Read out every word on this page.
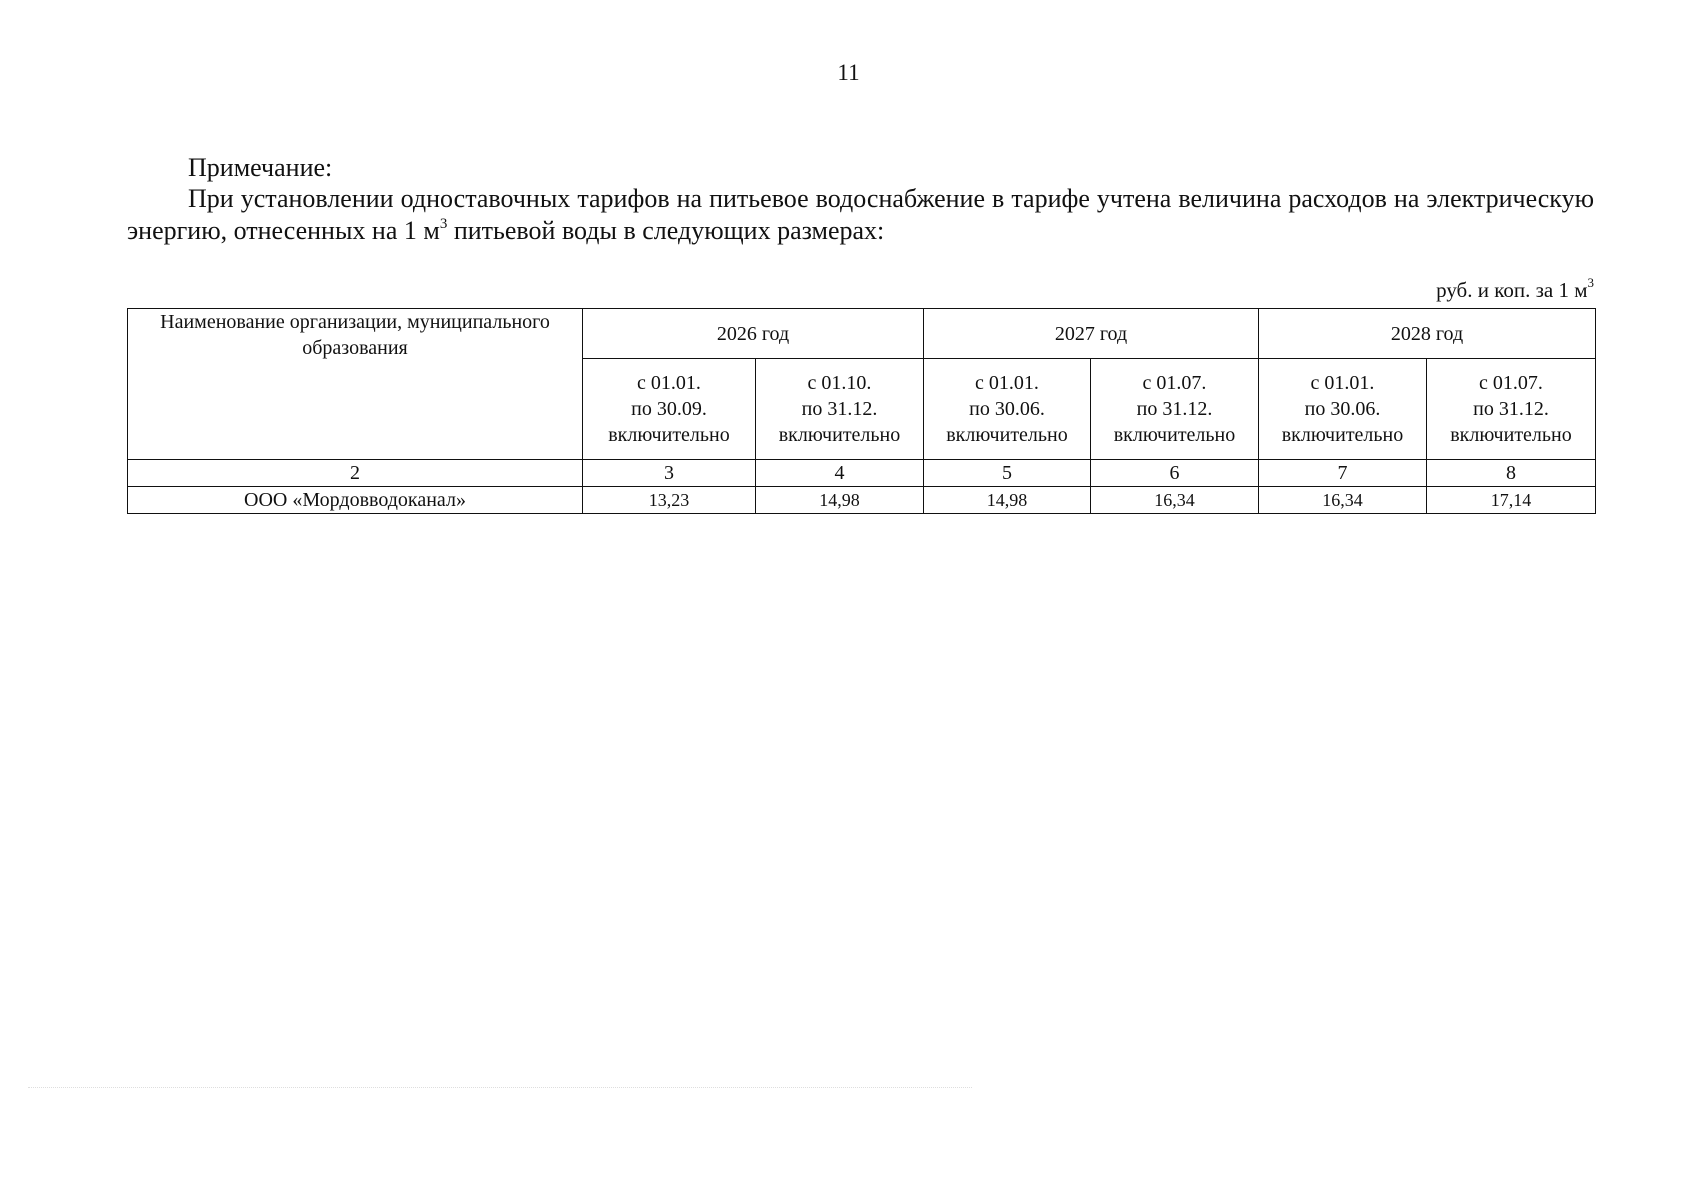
11
Примечание:
При установлении одноставочных тарифов на питьевое водоснабжение в тарифе учтена величина расходов на электрическую энергию, отнесенных на 1 $м^3$ питьевой воды в следующих размерах:
руб. и коп. за 1 $м^3$
Наименование организации, муниципального образования	2026 год		2027 год		2028 год	
	с 01.01.
по 30.09.
включительно	с 01.10.
по 31.12.
включительно	с 01.01.
по 30.06.
включительно	с 01.07.
по 31.12.
включительно	с 01.01.
по 30.06.
включительно	с 01.07.
по 31.12.
включительно
2	3	4	5	6	7	8
ООО «Мордовводоканал»	13,23	14,98	14,98	16,34	16,34	17,14
